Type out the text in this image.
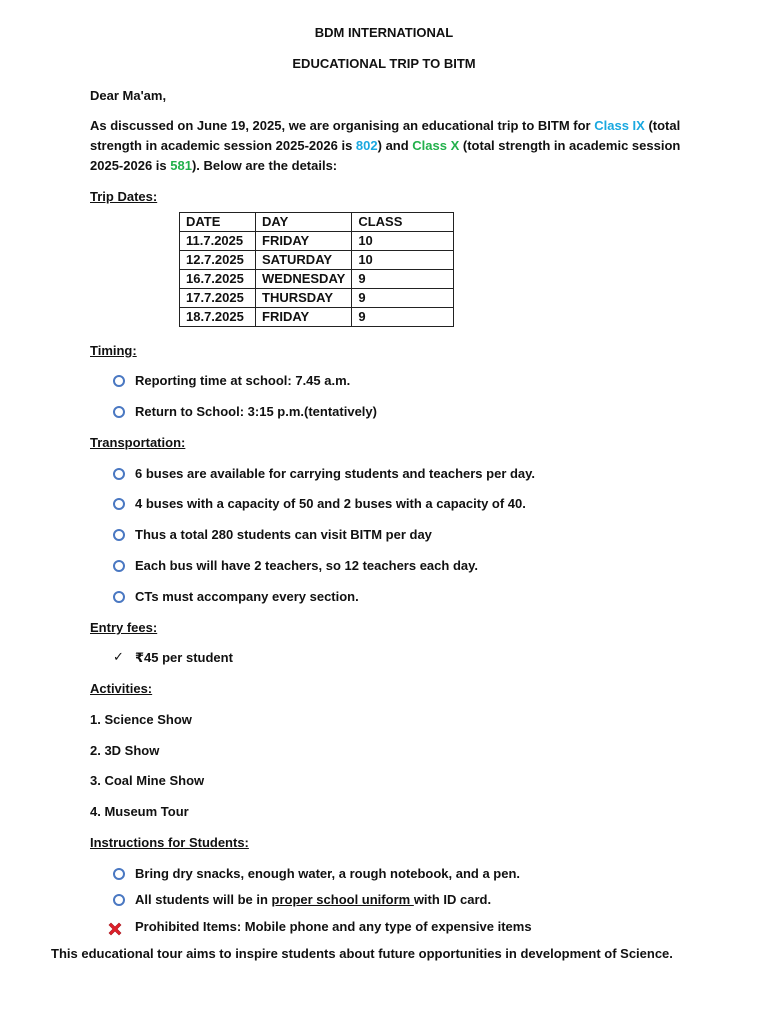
BDM INTERNATIONAL
EDUCATIONAL TRIP TO BITM
Dear Ma'am,
As discussed on June 19, 2025, we are organising an educational trip to BITM for Class IX (total
strength in academic session 2025-2026 is 802) and Class X (total strength in academic session
2025-2026 is 581). Below are the details:
Trip Dates:
DATE	DAY	CLASS
11.7.2025	FRIDAY	10
12.7.2025	SATURDAY	10
16.7.2025	WEDNESDAY	9
17.7.2025	THURSDAY	9
18.7.2025	FRIDAY	9
Timing:
Reporting time at school: 7.45 a.m.
Return to School: 3:15 p.m.(tentatively)
Transportation:
6 buses are available for carrying students and teachers per day.
4 buses with a capacity of 50 and 2 buses with a capacity of 40.
Thus a total 280 students can visit BITM per day
Each bus will have 2 teachers, so 12 teachers each day.
CTs must accompany every section.
Entry fees:
✓ ₹45 per student
Activities:
1. Science Show
2. 3D Show
3. Coal Mine Show
4. Museum Tour
Instructions for Students:
Bring dry snacks, enough water, a rough notebook, and a pen.
All students will be in proper school uniform with ID card.
Prohibited Items: Mobile phone and any type of expensive items
This educational tour aims to inspire students about future opportunities in development of Science.
